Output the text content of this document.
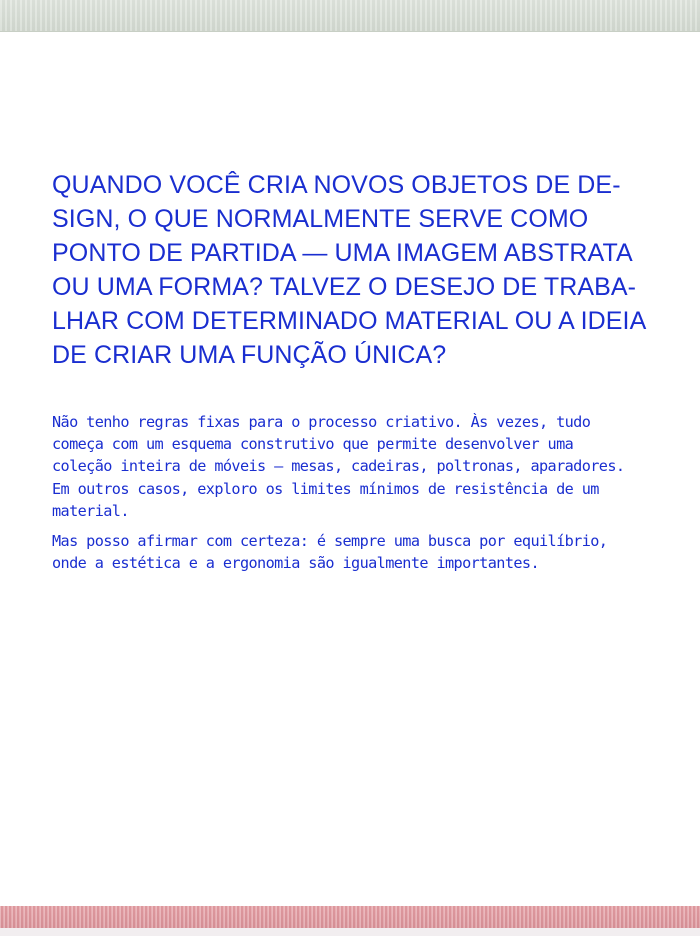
QUANDO VOCÊ CRIA NOVOS OBJETOS DE DE-
SIGN, O QUE NORMALMENTE SERVE COMO
PONTO DE PARTIDA — UMA IMAGEM ABSTRATA
OU UMA FORMA? TALVEZ O DESEJO DE TRABA-
LHAR COM DETERMINADO MATERIAL OU A IDEIA
DE CRIAR UMA FUNÇÃO ÚNICA?

Não tenho regras fixas para o processo criativo. Às vezes, tudo
começa com um esquema construtivo que permite desenvolver uma
coleção inteira de móveis — mesas, cadeiras, poltronas, aparadores.
Em outros casos, exploro os limites mínimos de resistência de um
material.

Mas posso afirmar com certeza: é sempre uma busca por equilíbrio,
onde a estética e a ergonomia são igualmente importantes.
